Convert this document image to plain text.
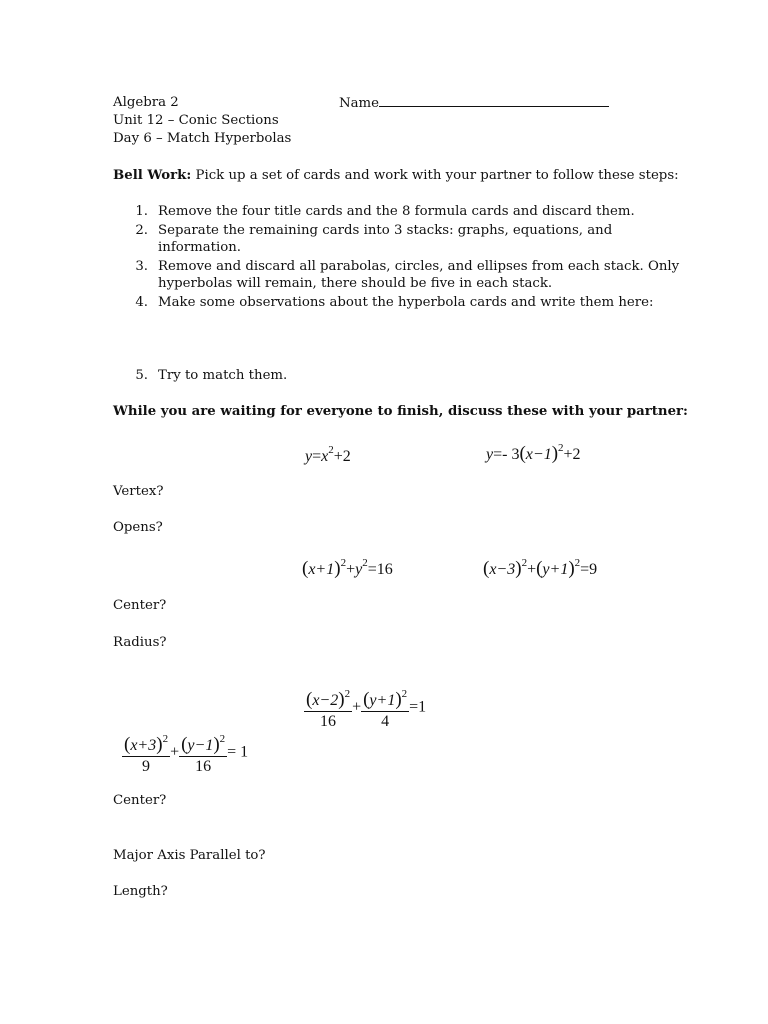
Algebra 2	Name
Unit 12 – Conic Sections
Day 6 – Match Hyperbolas
Bell Work: Pick up a set of cards and work with your partner to follow these steps:
1. Remove the four title cards and the 8 formula cards and discard them.
2. Separate the remaining cards into 3 stacks: graphs, equations, and
information.
3. Remove and discard all parabolas, circles, and ellipses from each stack. Only
hyperbolas will remain, there should be five in each stack.
4. Make some observations about the hyperbola cards and write them here:
5. Try to match them.
While you are waiting for everyone to finish, discuss these with your partner:
$y=x^2+2$	y=- $3(x-1)^2+2$
Vertex?
Opens?
$(x+1)^2+y^2=16$	$(x-3)^2+(y+1)^2=9$
Center?
Radius?
$\frac{(x-2)^2}{16} + \frac{(y+1)^2}{4} =1$
$\frac{(x+3)^2}{9} + \frac{(y-1)^2}{16} = 1$
Center?
Major Axis Parallel to?
Length?
